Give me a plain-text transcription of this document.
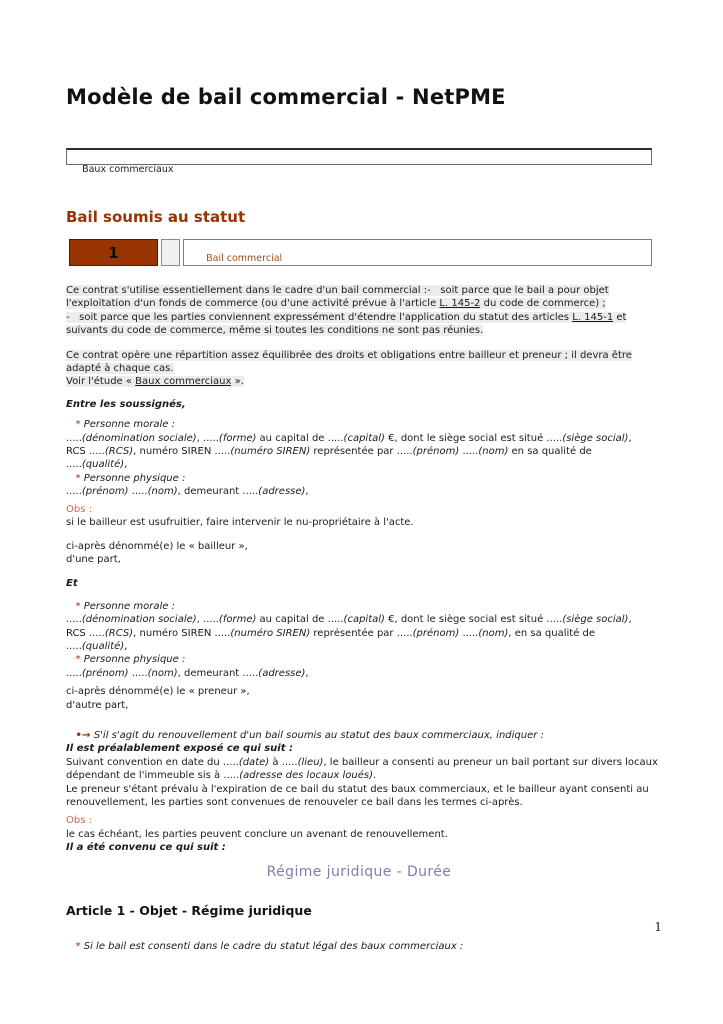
Modèle de bail commercial - NetPME

Baux commerciaux

Bail soumis au statut
1	Bail commercial

Ce contrat s'utilise essentiellement dans le cadre d'un bail commercial :-   soit parce que le bail a pour objet
l'exploitation d'un fonds de commerce (ou d'une activité prévue à l'article L. 145-2 du code de commerce) ;
-   soit parce que les parties conviennent expressément d'étendre l'application du statut des articles L. 145-1 et
suivants du code de commerce, même si toutes les conditions ne sont pas réunies.
Ce contrat opère une répartition assez équilibrée des droits et obligations entre bailleur et preneur ; il devra être
adapté à chaque cas.
Voir l'étude « Baux commerciaux ».
Entre les soussignés,
* Personne morale :
.....(dénomination sociale), .....(forme) au capital de .....(capital) €, dont le siège social est situé .....(siège social),
RCS .....(RCS), numéro SIREN .....(numéro SIREN) représentée par .....(prénom) .....(nom) en sa qualité de
.....(qualité),
* Personne physique :
.....(prénom) .....(nom), demeurant .....(adresse),
Obs :
si le bailleur est usufruitier, faire intervenir le nu-propriétaire à l'acte.
ci-après dénommé(e) le « bailleur »,
d'une part,
Et
* Personne morale :
.....(dénomination sociale), .....(forme) au capital de .....(capital) €, dont le siège social est situé .....(siège social),
RCS .....(RCS), numéro SIREN .....(numéro SIREN) représentée par .....(prénom) .....(nom), en sa qualité de
.....(qualité),
* Personne physique :
.....(prénom) .....(nom), demeurant .....(adresse),
ci-après dénommé(e) le « preneur »,
d'autre part,
•→ S'il s'agit du renouvellement d'un bail soumis au statut des baux commerciaux, indiquer :
Il est préalablement exposé ce qui suit :
Suivant convention en date du .....(date) à .....(lieu), le bailleur a consenti au preneur un bail portant sur divers locaux
dépendant de l'immeuble sis à .....(adresse des locaux loués).
Le preneur s'étant prévalu à l'expiration de ce bail du statut des baux commerciaux, et le bailleur ayant consenti au
renouvellement, les parties sont convenues de renouveler ce bail dans les termes ci-après.
Obs :
le cas échéant, les parties peuvent conclure un avenant de renouvellement.
Il a été convenu ce qui suit :
Régime juridique - Durée
Article 1 - Objet - Régime juridique
* Si le bail est consenti dans le cadre du statut légal des baux commerciaux :
1
